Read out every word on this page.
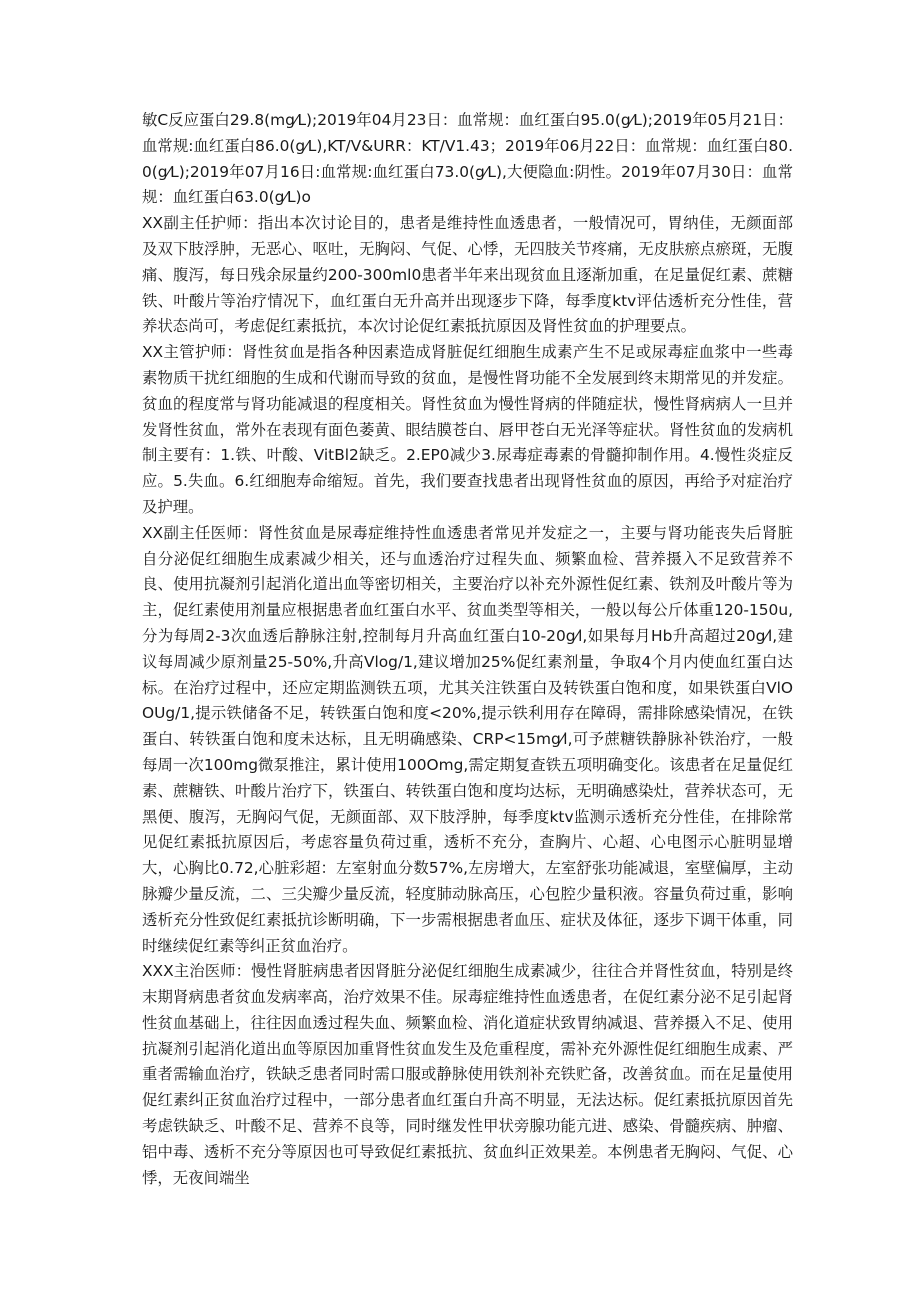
敏C反应蛋白29.8(mg⁄L);2019年04月23日：血常规：血红蛋白95.0(g⁄L);2019年05月21日：血常规:血红蛋白86.0(g⁄L),KT/V&URR：KT/V1.43；2019年06月22日：血常规：血红蛋白80.0(g⁄L);2019年07月16日:血常规:血红蛋白73.0(g⁄L),大便隐血:阴性。2019年07月30日：血常规：血红蛋白63.0(g⁄L)o

XX副主任护师：指出本次讨论目的，患者是维持性血透患者，一般情况可，胃纳佳，无颜面部及双下肢浮肿，无恶心、呕吐，无胸闷、气促、心悸，无四肢关节疼痛，无皮肤瘀点瘀斑，无腹痛、腹泻，每日残余尿量约200-300ml0患者半年来出现贫血且逐渐加重，在足量促红素、蔗糖铁、叶酸片等治疗情况下，血红蛋白无升高并出现逐步下降，每季度ktv评估透析充分性佳，营养状态尚可，考虑促红素抵抗，本次讨论促红素抵抗原因及肾性贫血的护理要点。

XX主管护师：肾性贫血是指各种因素造成肾脏促红细胞生成素产生不足或尿毒症血浆中一些毒素物质干扰红细胞的生成和代谢而导致的贫血，是慢性肾功能不全发展到终末期常见的并发症。贫血的程度常与肾功能减退的程度相关。肾性贫血为慢性肾病的伴随症状，慢性肾病病人一旦并发肾性贫血，常外在表现有面色萎黄、眼结膜苍白、唇甲苍白无光泽等症状。肾性贫血的发病机制主要有：1.铁、叶酸、VitBl2缺乏。2.EP0减少3.尿毒症毒素的骨髓抑制作用。4.慢性炎症反应。5.失血。6.红细胞寿命缩短。首先，我们要查找患者出现肾性贫血的原因，再给予对症治疗及护理。

XX副主任医师：肾性贫血是尿毒症维持性血透患者常见并发症之一，主要与肾功能丧失后肾脏自分泌促红细胞生成素减少相关，还与血透治疗过程失血、频繁血检、营养摄入不足致营养不良、使用抗凝剂引起消化道出血等密切相关，主要治疗以补充外源性促红素、铁剂及叶酸片等为主，促红素使用剂量应根据患者血红蛋白水平、贫血类型等相关，一般以每公斤体重120-150u,分为每周2-3次血透后静脉注射,控制每月升高血红蛋白10-20g⁄l,如果每月Hb升高超过20g⁄l,建议每周减少原剂量25-50%,升高Vlog/1,建议增加25%促红素剂量，争取4个月内使血红蛋白达标。在治疗过程中，还应定期监测铁五项，尤其关注铁蛋白及转铁蛋白饱和度，如果铁蛋白VlOOUg/1,提示铁储备不足，转铁蛋白饱和度<20%,提示铁利用存在障碍，需排除感染情况，在铁蛋白、转铁蛋白饱和度未达标，且无明确感染、CRP<15mg⁄l,可予蔗糖铁静脉补铁治疗，一般每周一次100mg微泵推注，累计使用100Omg,需定期复查铁五项明确变化。该患者在足量促红素、蔗糖铁、叶酸片治疗下，铁蛋白、转铁蛋白饱和度均达标，无明确感染灶，营养状态可，无黑便、腹泻，无胸闷气促，无颜面部、双下肢浮肿，每季度ktv监测示透析充分性佳，在排除常见促红素抵抗原因后，考虑容量负荷过重，透析不充分，查胸片、心超、心电图示心脏明显增大，心胸比0.72,心脏彩超：左室射血分数57%,左房增大，左室舒张功能减退，室壁偏厚，主动脉瓣少量反流，二、三尖瓣少量反流，轻度肺动脉高压，心包腔少量积液。容量负荷过重，影响透析充分性致促红素抵抗诊断明确，下一步需根据患者血压、症状及体征，逐步下调干体重，同时继续促红素等纠正贫血治疗。

XXX主治医师：慢性肾脏病患者因肾脏分泌促红细胞生成素减少，往往合并肾性贫血，特别是终末期肾病患者贫血发病率高，治疗效果不佳。尿毒症维持性血透患者，在促红素分泌不足引起肾性贫血基础上，往往因血透过程失血、频繁血检、消化道症状致胃纳减退、营养摄入不足、使用抗凝剂引起消化道出血等原因加重肾性贫血发生及危重程度，需补充外源性促红细胞生成素、严重者需输血治疗，铁缺乏患者同时需口服或静脉使用铁剂补充铁贮备，改善贫血。而在足量使用促红素纠正贫血治疗过程中，一部分患者血红蛋白升高不明显，无法达标。促红素抵抗原因首先考虑铁缺乏、叶酸不足、营养不良等，同时继发性甲状旁腺功能亢进、感染、骨髓疾病、肿瘤、铝中毒、透析不充分等原因也可导致促红素抵抗、贫血纠正效果差。本例患者无胸闷、气促、心悸，无夜间端坐
